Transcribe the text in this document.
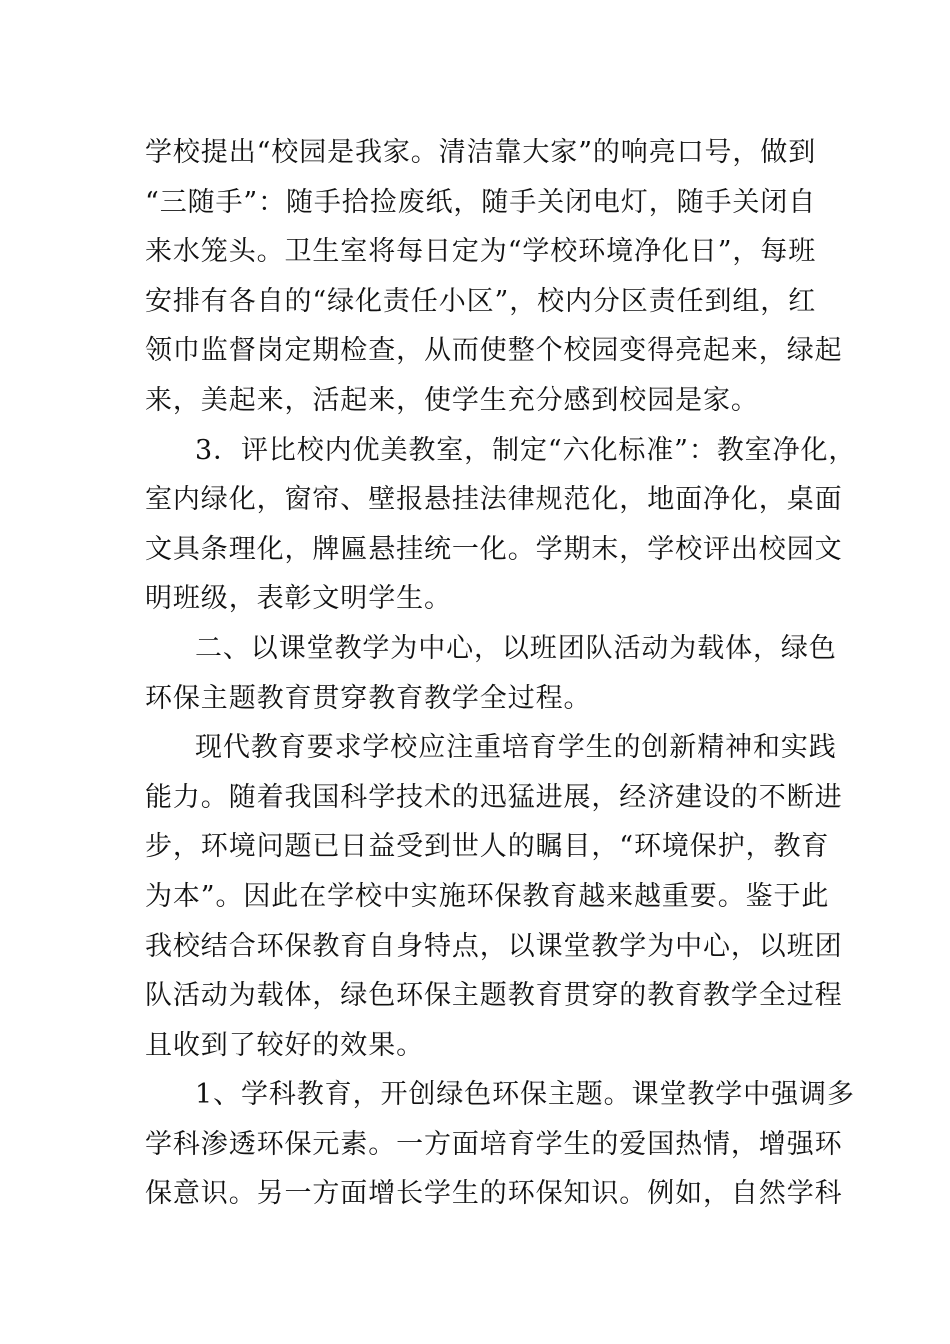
学校提出“校园是我家。清洁靠大家”的响亮口号，做到
“三随手”：随手拾捡废纸，随手关闭电灯，随手关闭自
来水笼头。卫生室将每日定为“学校环境净化日”，每班
安排有各自的“绿化责任小区”，校内分区责任到组，红
领巾监督岗定期检查，从而使整个校园变得亮起来，绿起
来，美起来，活起来，使学生充分感到校园是家。
3．评比校内优美教室，制定“六化标准”：教室净化，
室内绿化，窗帘、壁报悬挂法律规范化，地面净化，桌面
文具条理化，牌匾悬挂统一化。学期末，学校评出校园文
明班级，表彰文明学生。
二、以课堂教学为中心，以班团队活动为载体，绿色
环保主题教育贯穿教育教学全过程。
现代教育要求学校应注重培育学生的创新精神和实践
能力。随着我国科学技术的迅猛进展，经济建设的不断进
步，环境问题已日益受到世人的瞩目，“环境保护，教育
为本”。因此在学校中实施环保教育越来越重要。鉴于此
我校结合环保教育自身特点，以课堂教学为中心，以班团
队活动为载体，绿色环保主题教育贯穿的教育教学全过程
且收到了较好的效果。
1、学科教育，开创绿色环保主题。课堂教学中强调多
学科渗透环保元素。一方面培育学生的爱国热情，增强环
保意识。另一方面增长学生的环保知识。例如，自然学科
